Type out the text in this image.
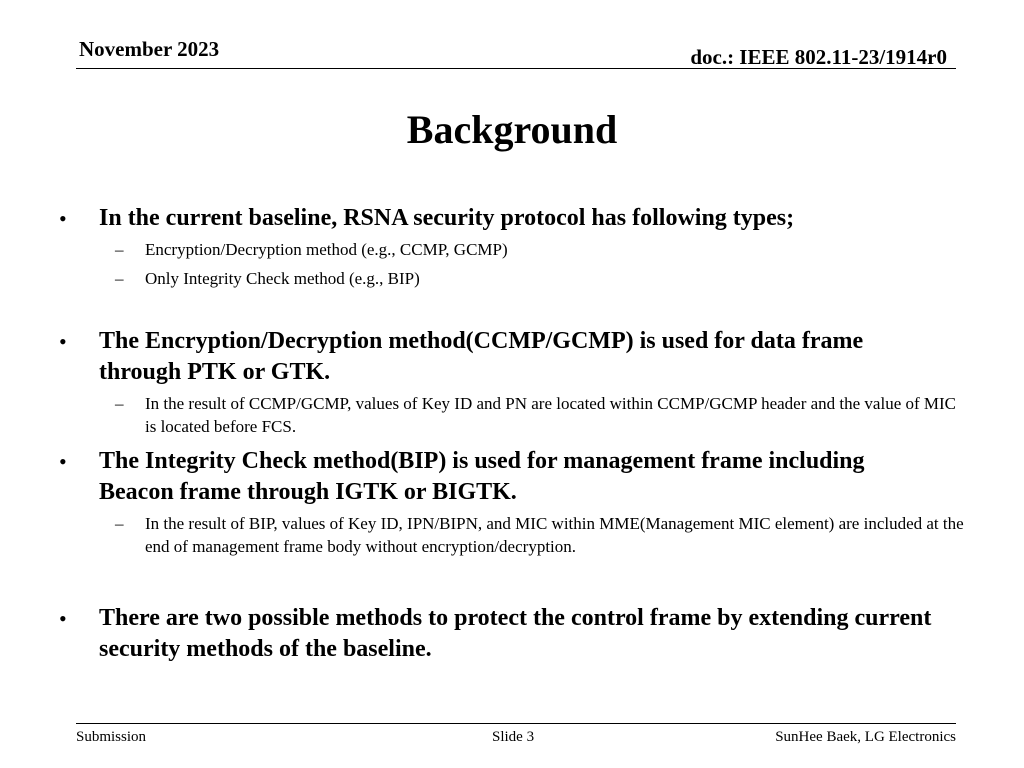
November 2023	doc.: IEEE 802.11-23/1914r0
Background
• In the current baseline, RSNA security protocol has following types;
– Encryption/Decryption method (e.g., CCMP, GCMP)
– Only Integrity Check method (e.g., BIP)
• The Encryption/Decryption method(CCMP/GCMP) is used for data frame through PTK or GTK.
– In the result of CCMP/GCMP, values of Key ID and PN are located within CCMP/GCMP header and the value of MIC is located before FCS.
• The Integrity Check method(BIP) is used for management frame including Beacon frame through IGTK or BIGTK.
– In the result of BIP, values of Key ID, IPN/BIPN, and MIC within MME(Management MIC element) are included at the end of management frame body without encryption/decryption.
• There are two possible methods to protect the control frame by extending current security methods of the baseline.
Submission	Slide 3	SunHee Baek, LG Electronics
